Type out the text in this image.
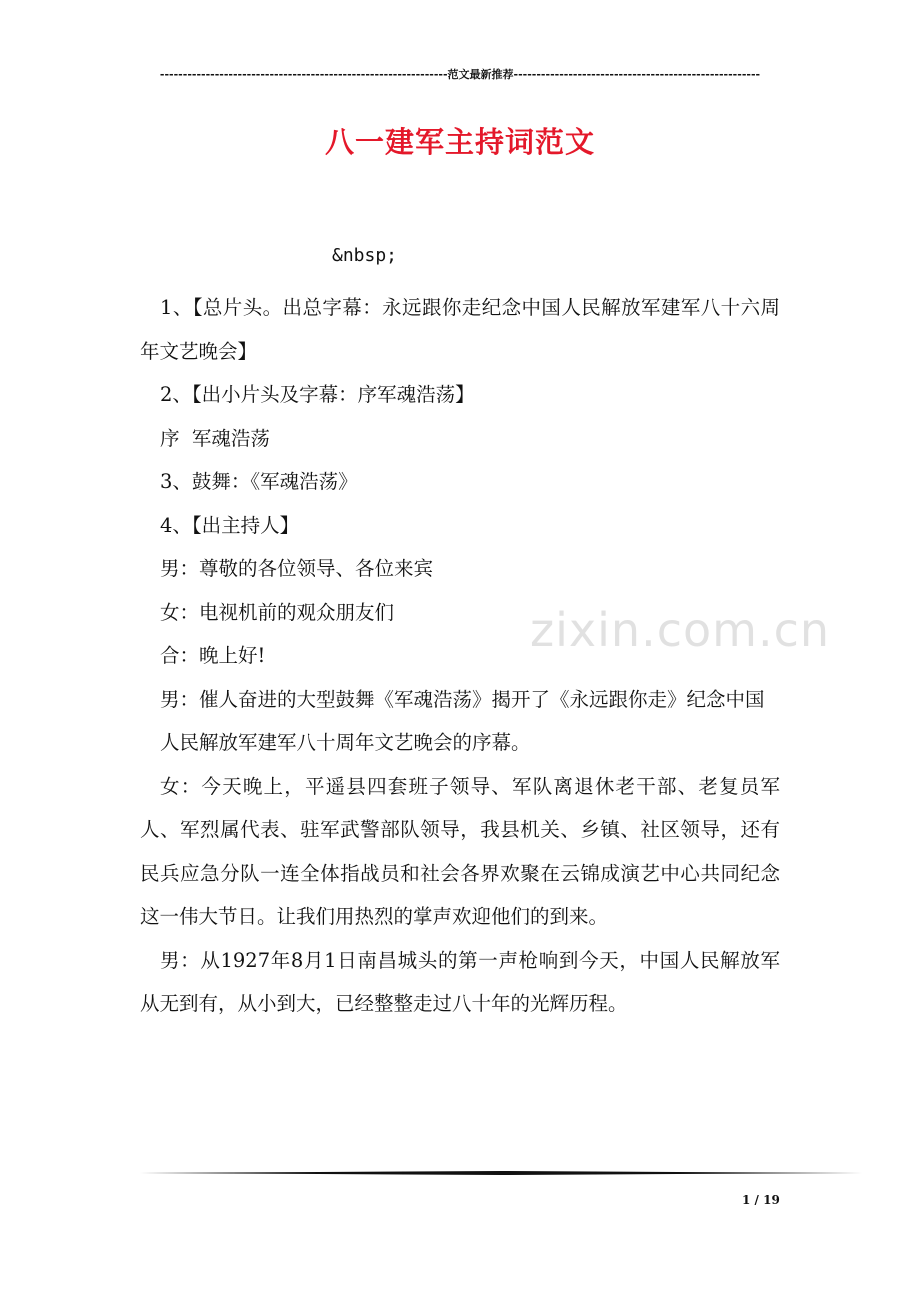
---------------------------------------------------------------范文最新推荐------------------------------------------------------
八一建军主持词范文
&nbsp;

1、【总片头。出总字幕：永远跟你走纪念中国人民解放军建军八十六周年文艺晚会】

2、【出小片头及字幕：序军魂浩荡】

序  军魂浩荡

3、鼓舞：《军魂浩荡》

4、【出主持人】

男：尊敬的各位领导、各位来宾

女：电视机前的观众朋友们

合：晚上好!

男：催人奋进的大型鼓舞《军魂浩荡》揭开了《永远跟你走》纪念中国

人民解放军建军八十周年文艺晚会的序幕。

女：今天晚上，平遥县四套班子领导、军队离退休老干部、老复员军人、军烈属代表、驻军武警部队领导，我县机关、乡镇、社区领导，还有民兵应急分队一连全体指战员和社会各界欢聚在云锦成演艺中心共同纪念这一伟大节日。让我们用热烈的掌声欢迎他们的到来。

男：从1927年8月1日南昌城头的第一声枪响到今天，中国人民解放军从无到有，从小到大，已经整整走过八十年的光辉历程。

zixin.com.cn
1 / 19
